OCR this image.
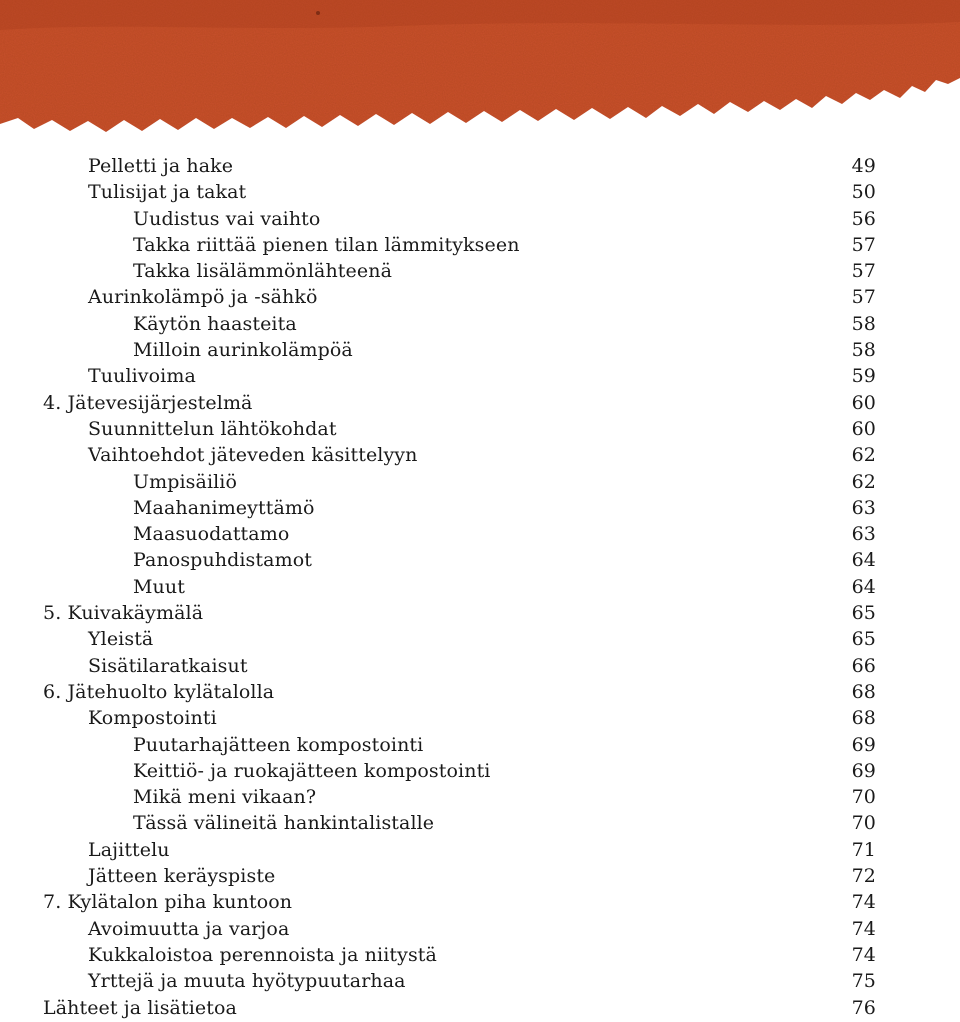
Pelletti ja hake	49
Tulisijat ja takat	50
Uudistus vai vaihto	56
Takka riittää pienen tilan lämmitykseen	57
Takka lisälämmönlähteenä	57
Aurinkolämpö ja -sähkö	57
Käytön haasteita	58
Milloin aurinkolämpöä	58
Tuulivoima	59
4. Jätevesijärjestelmä	60
Suunnittelun lähtökohdat	60
Vaihtoehdot jäteveden käsittelyyn	62
Umpisäiliö	62
Maahanimeyttämö	63
Maasuodattamo	63
Panospuhdistamot	64
Muut	64
5. Kuivakäymälä	65
Yleistä	65
Sisätilaratkaisut	66
6. Jätehuolto kylätalolla	68
Kompostointi	68
Puutarhajätteen kompostointi	69
Keittiö- ja ruokajätteen kompostointi	69
Mikä meni vikaan?	70
Tässä välineitä hankintalistalle	70
Lajittelu	71
Jätteen keräyspiste	72
7. Kylätalon piha kuntoon	74
Avoimuutta ja varjoa	74
Kukkaloistoa perennoista ja niitystä	74
Yrttejä ja muuta hyötypuutarhaa	75
Lähteet ja lisätietoa	76
